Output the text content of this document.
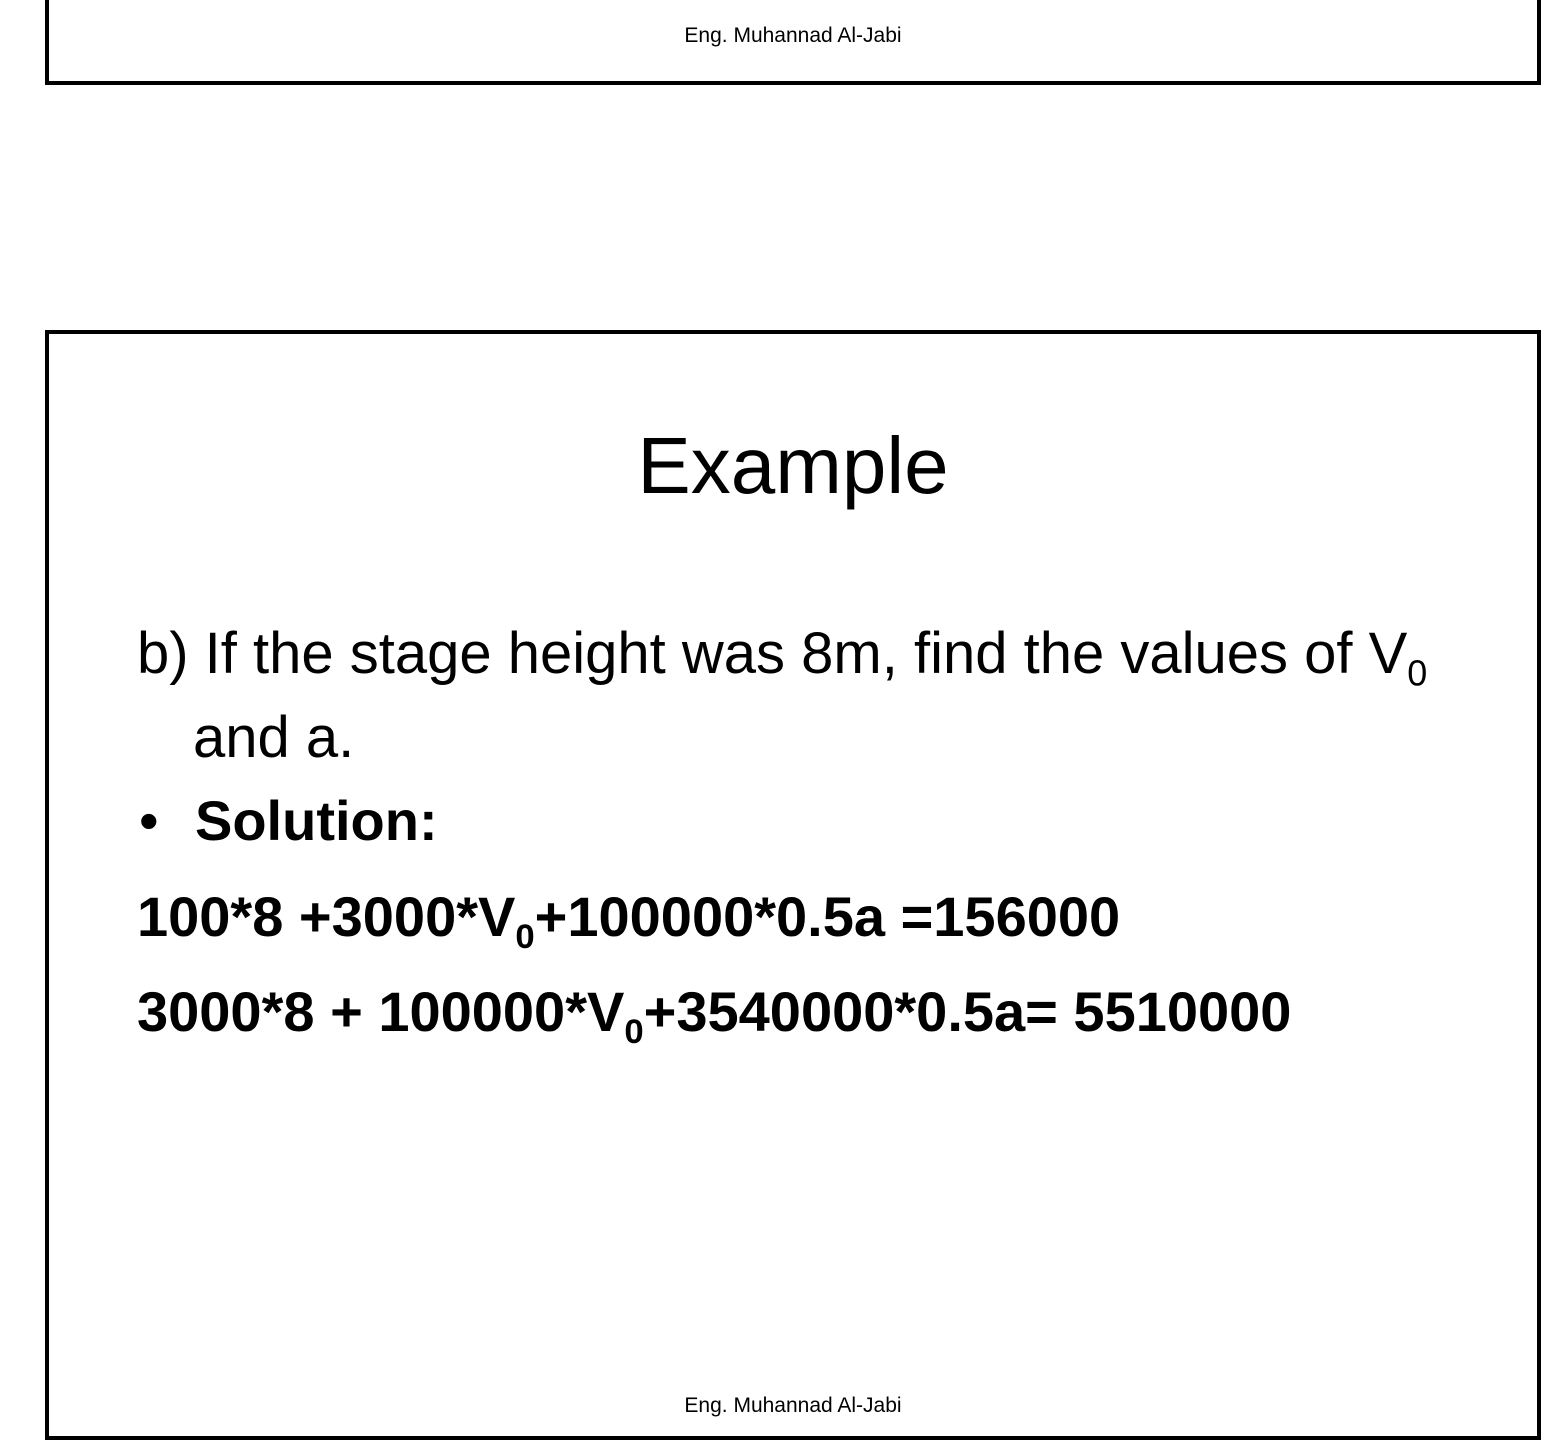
Eng. Muhannad Al-Jabi
Example
b) If the stage height was 8m, find the values of $V_0$ and a.
• Solution:
$100*8 +3000*V_0+100000*0.5a =156000$
$3000*8 + 100000*V_0+3540000*0.5a= 5510000$
Eng. Muhannad Al-Jabi
